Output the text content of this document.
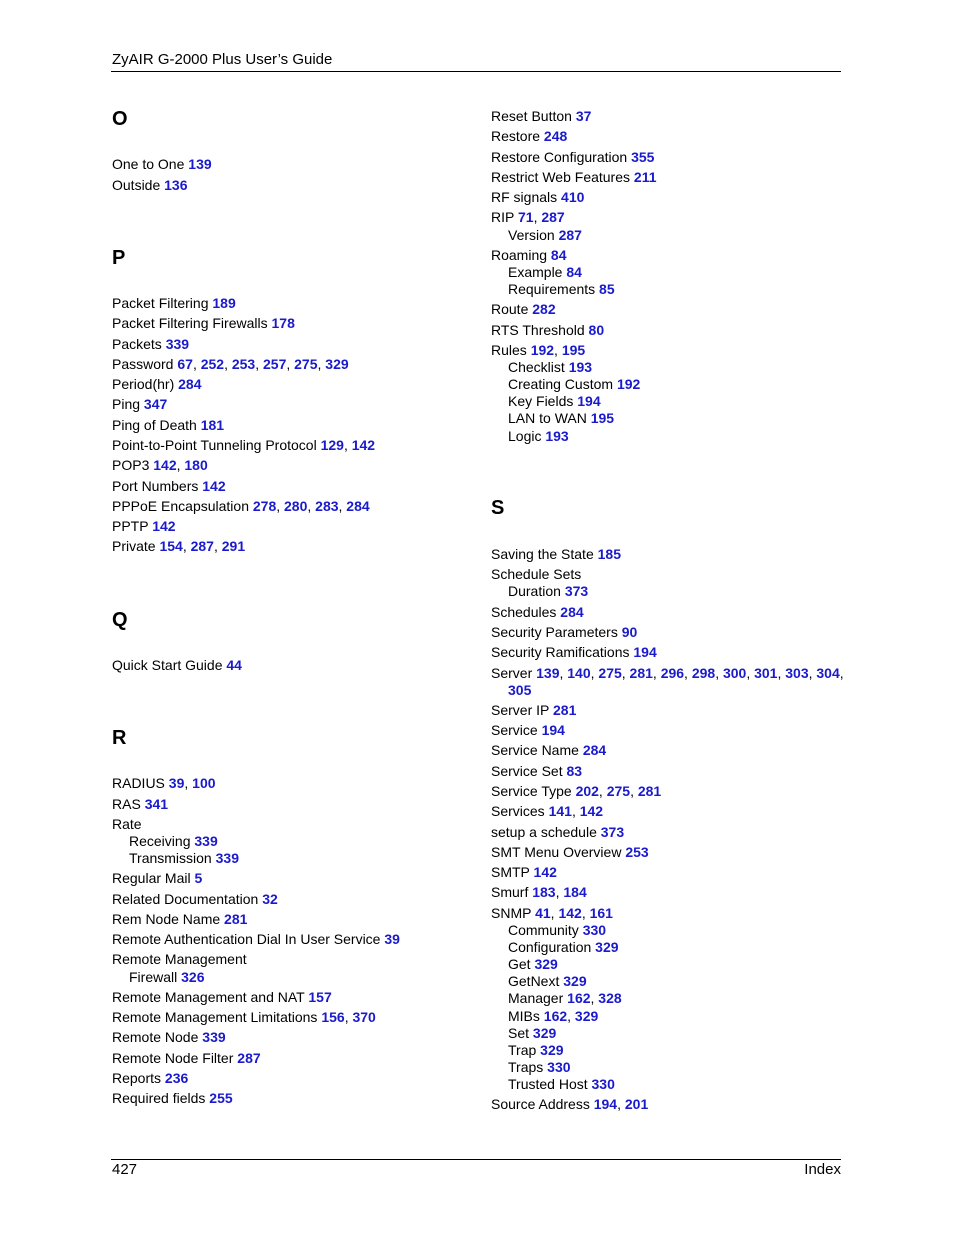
ZyAIR G-2000 Plus User’s Guide
O
One to One 139
Outside 136
P
Packet Filtering 189
Packet Filtering Firewalls 178
Packets 339
Password 67, 252, 253, 257, 275, 329
Period(hr) 284
Ping 347
Ping of Death 181
Point-to-Point Tunneling Protocol 129, 142
POP3 142, 180
Port Numbers 142
PPPoE Encapsulation 278, 280, 283, 284
PPTP 142
Private 154, 287, 291
Q
Quick Start Guide 44
R
RADIUS 39, 100
RAS 341
Rate
Receiving 339
Transmission 339
Regular Mail 5
Related Documentation 32
Rem Node Name 281
Remote Authentication Dial In User Service 39
Remote Management
Firewall 326
Remote Management and NAT 157
Remote Management Limitations 156, 370
Remote Node 339
Remote Node Filter 287
Reports 236
Required fields 255
Reset Button 37
Restore 248
Restore Configuration 355
Restrict Web Features 211
RF signals 410
RIP 71, 287
Version 287
Roaming 84
Example 84
Requirements 85
Route 282
RTS Threshold 80
Rules 192, 195
Checklist 193
Creating Custom 192
Key Fields 194
LAN to WAN 195
Logic 193
S
Saving the State 185
Schedule Sets
Duration 373
Schedules 284
Security Parameters 90
Security Ramifications 194
Server 139, 140, 275, 281, 296, 298, 300, 301, 303, 304,
305
Server IP 281
Service 194
Service Name 284
Service Set 83
Service Type 202, 275, 281
Services 141, 142
setup a schedule 373
SMT Menu Overview 253
SMTP 142
Smurf 183, 184
SNMP 41, 142, 161
Community 330
Configuration 329
Get 329
GetNext 329
Manager 162, 328
MIBs 162, 329
Set 329
Trap 329
Traps 330
Trusted Host 330
Source Address 194, 201
427	Index
